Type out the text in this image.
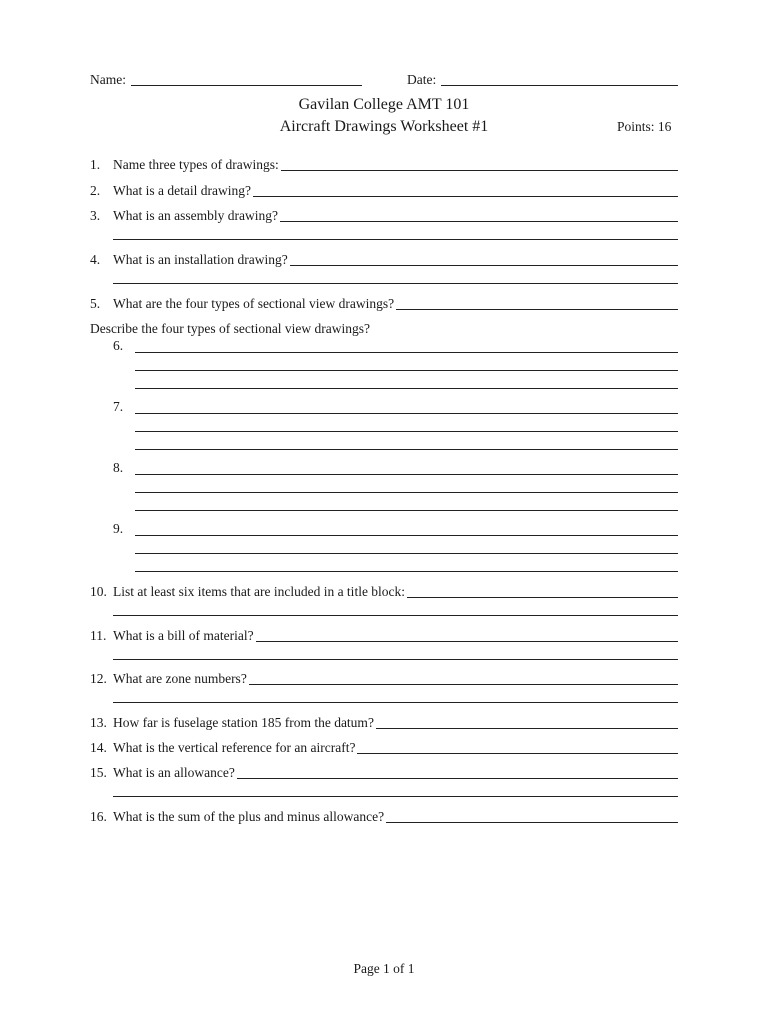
Name:	Date:
Gavilan College AMT 101
Aircraft Drawings Worksheet #1	Points: 16
1. Name three types of drawings:
2. What is a detail drawing?
3. What is an assembly drawing?
4. What is an installation drawing?
5. What are the four types of sectional view drawings?
Describe the four types of sectional view drawings?
6.
7.
8.
9.
10. List at least six items that are included in a title block:
11. What is a bill of material?
12. What are zone numbers?
13. How far is fuselage station 185 from the datum?
14. What is the vertical reference for an aircraft?
15. What is an allowance?
16. What is the sum of the plus and minus allowance?
Page 1 of 1
